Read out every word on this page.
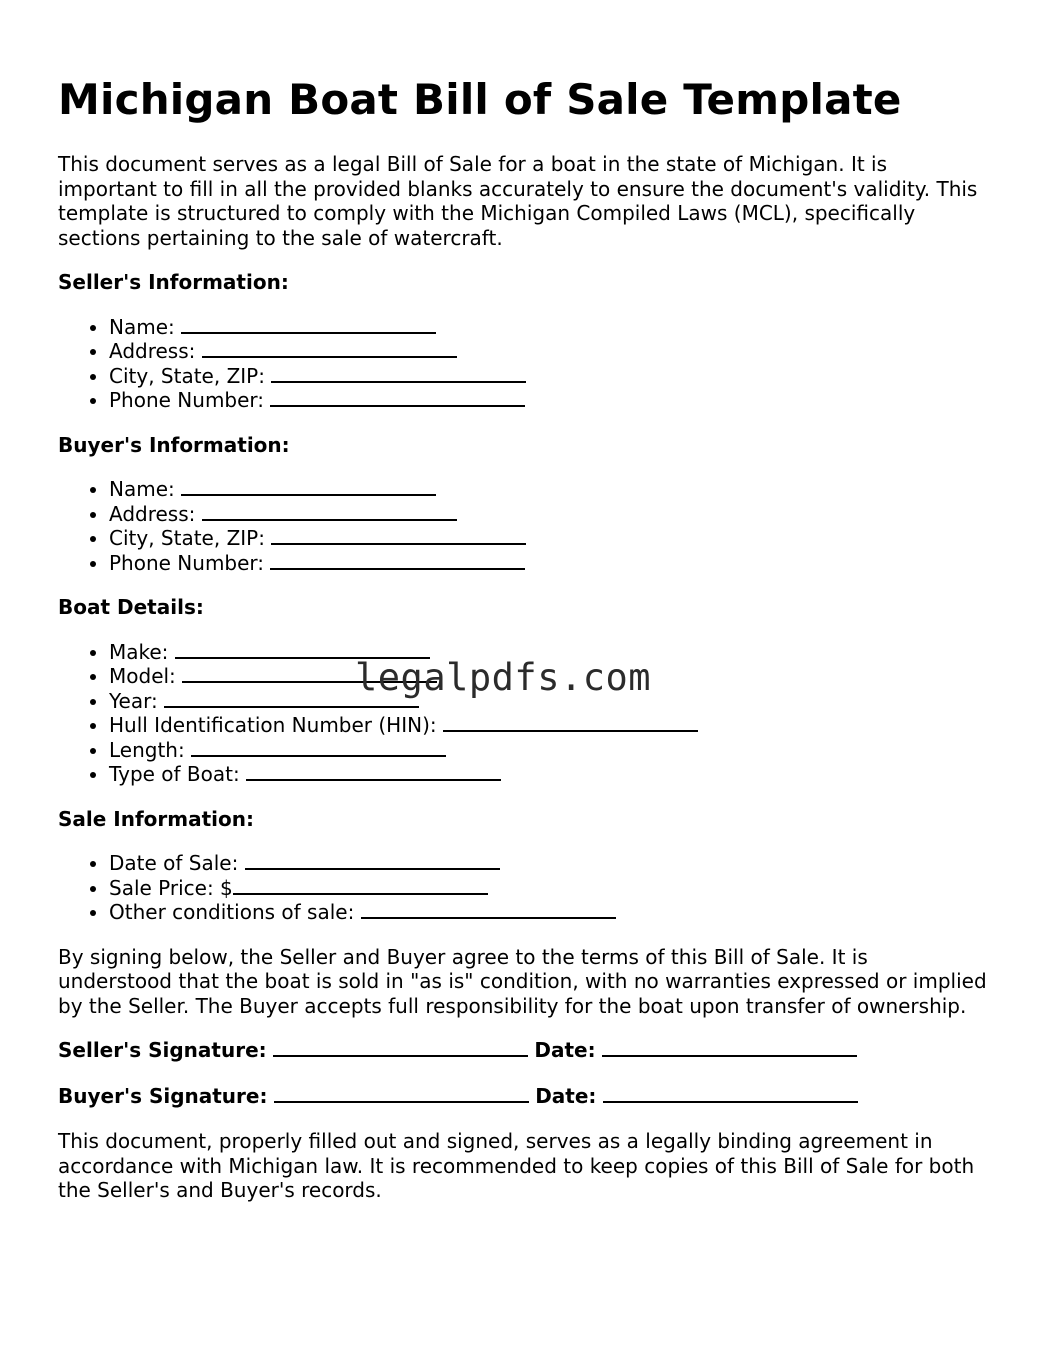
Michigan Boat Bill of Sale Template

This document serves as a legal Bill of Sale for a boat in the state of Michigan. It is important to fill in all the provided blanks accurately to ensure the document's validity. This template is structured to comply with the Michigan Compiled Laws (MCL), specifically sections pertaining to the sale of watercraft.

Seller's Information:
• Name:
• Address:
• City, State, ZIP:
• Phone Number:
Buyer's Information:
• Name:
• Address:
• City, State, ZIP:
• Phone Number:
Boat Details:
• Make:
• Model:
• Year:
• Hull Identification Number (HIN):
• Length:
• Type of Boat:
Sale Information:
• Date of Sale:
• Sale Price: $
• Other conditions of sale:

By signing below, the Seller and Buyer agree to the terms of this Bill of Sale. It is understood that the boat is sold in "as is" condition, with no warranties expressed or implied by the Seller. The Buyer accepts full responsibility for the boat upon transfer of ownership.

Seller's Signature:	Date:
Buyer's Signature:	Date:

This document, properly filled out and signed, serves as a legally binding agreement in accordance with Michigan law. It is recommended to keep copies of this Bill of Sale for both the Seller's and Buyer's records.

legalpdfs.com
